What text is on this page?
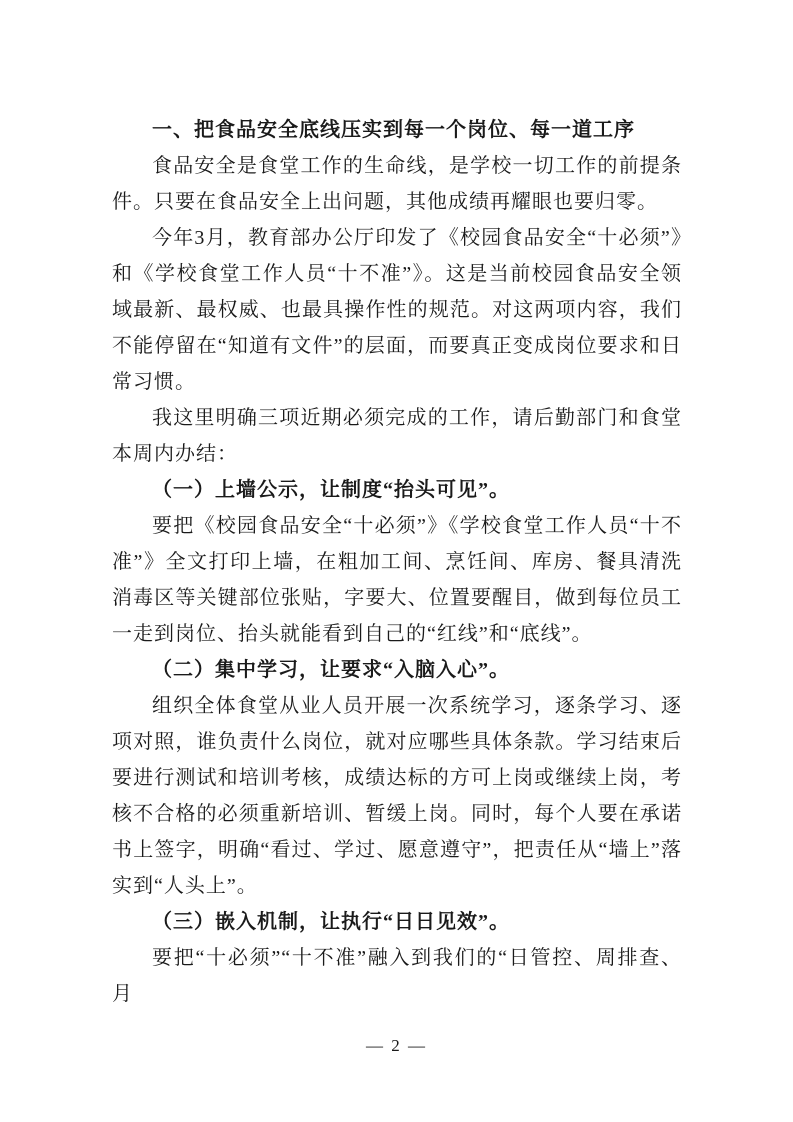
一、把食品安全底线压实到每一个岗位、每一道工序

食品安全是食堂工作的生命线，是学校一切工作的前提条件。只要在食品安全上出问题，其他成绩再耀眼也要归零。

今年3月，教育部办公厅印发了《校园食品安全“十必须”》和《学校食堂工作人员“十不准”》。这是当前校园食品安全领域最新、最权威、也最具操作性的规范。对这两项内容，我们不能停留在“知道有文件”的层面，而要真正变成岗位要求和日常习惯。

我这里明确三项近期必须完成的工作，请后勤部门和食堂本周内办结：

（一）上墙公示，让制度“抬头可见”。

要把《校园食品安全“十必须”》《学校食堂工作人员“十不准”》全文打印上墙，在粗加工间、烹饪间、库房、餐具清洗消毒区等关键部位张贴，字要大、位置要醒目，做到每位员工一走到岗位、抬头就能看到自己的“红线”和“底线”。

（二）集中学习，让要求“入脑入心”。

组织全体食堂从业人员开展一次系统学习，逐条学习、逐项对照，谁负责什么岗位，就对应哪些具体条款。学习结束后要进行测试和培训考核，成绩达标的方可上岗或继续上岗，考核不合格的必须重新培训、暂缓上岗。同时，每个人要在承诺书上签字，明确“看过、学过、愿意遵守”，把责任从“墙上”落实到“人头上”。

（三）嵌入机制，让执行“日日见效”。

要把“十必须”“十不准”融入到我们的“日管控、周排查、月

— 2 —
